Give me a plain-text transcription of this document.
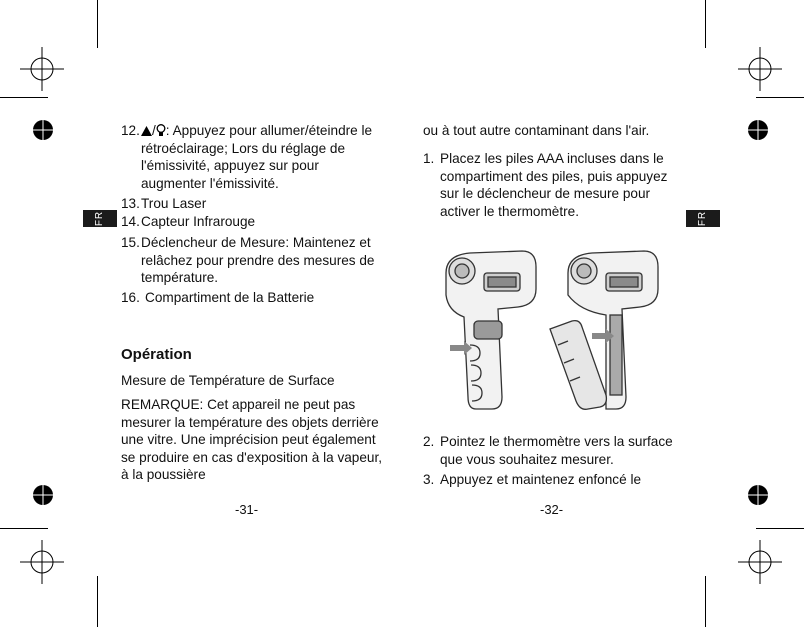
FR	FR
12. / : Appuyez pour allumer/éteindre le rétroéclairage; Lors du réglage de l'émissivité, appuyez sur pour augmenter l'émissivité.
13. Trou Laser
14. Capteur Infrarouge
15. Déclencheur de Mesure: Maintenez et relâchez pour prendre des mesures de température.
16. Compartiment de la Batterie
Opération

Mesure de Température de Surface

REMARQUE: Cet appareil ne peut pas mesurer la température des objets derrière une vitre. Une imprécision peut également se produire en cas d'exposition à la vapeur, à la poussière

-31-

ou à tout autre contaminant dans l'air.

1. Placez les piles AAA incluses dans le compartiment des piles, puis appuyez sur le déclencheur de mesure pour activer le thermomètre.
2. Pointez le thermomètre vers la surface que vous souhaitez mesurer.
3. Appuyez et maintenez enfoncé le
-32-
